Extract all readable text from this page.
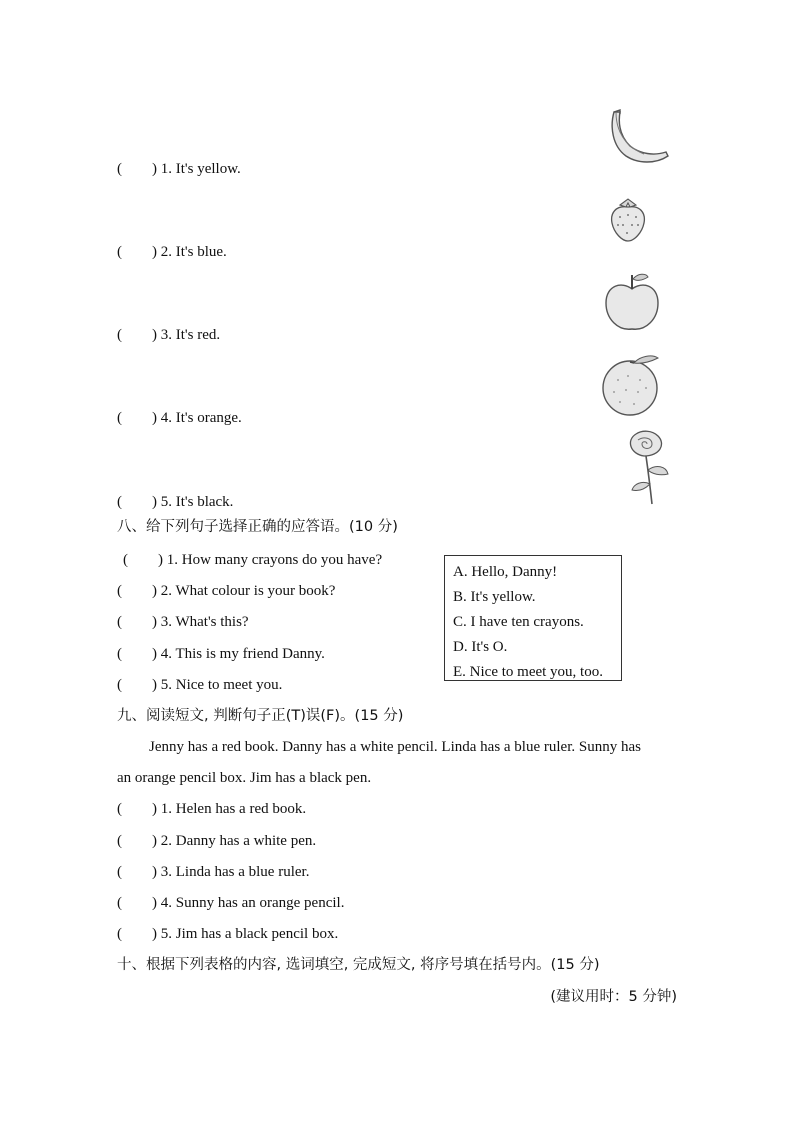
(        ) 1. It's yellow.
(        ) 2. It's blue.
(        ) 3. It's red.
(        ) 4. It's orange.
(        ) 5. It's black.
八、给下列句子选择正确的应答语。(10 分)
(        ) 1. How many crayons do you have?
(        ) 2. What colour is your book?
(        ) 3. What's this?
(        ) 4. This is my friend Danny.
(        ) 5. Nice to meet you.
A. Hello, Danny!
B. It's yellow.
C. I have ten crayons.
D. It's O.
E. Nice to meet you, too.
九、阅读短文, 判断句子正(T)误(F)。(15 分)
Jenny has a red book. Danny has a white pencil. Linda has a blue ruler. Sunny has
an orange pencil box. Jim has a black pen.
(        ) 1. Helen has a red book.
(        ) 2. Danny has a white pen.
(        ) 3. Linda has a blue ruler.
(        ) 4. Sunny has an orange pencil.
(        ) 5. Jim has a black pencil box.
十、根据下列表格的内容, 选词填空, 完成短文, 将序号填在括号内。(15 分)
(建议用时：5 分钟)
